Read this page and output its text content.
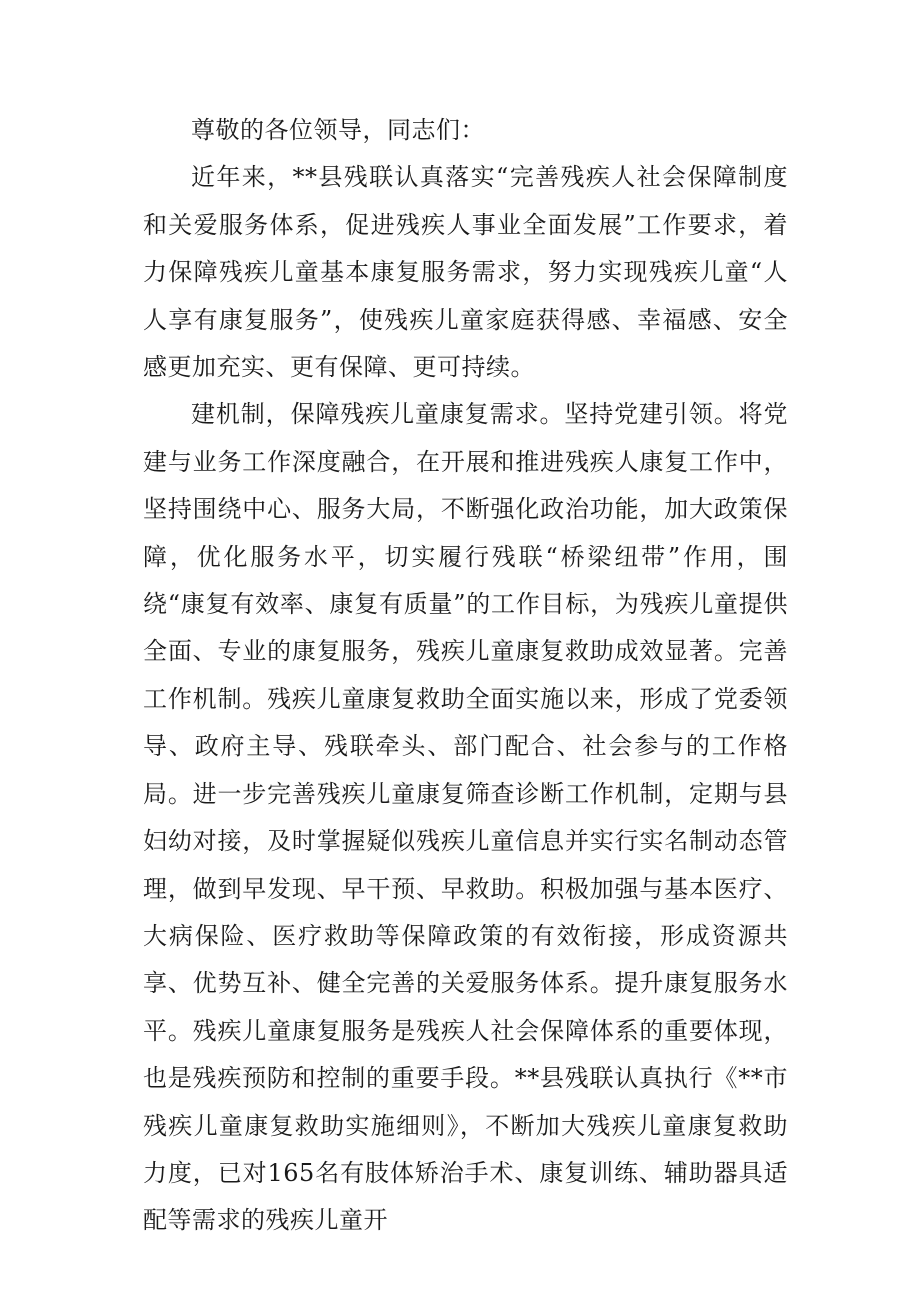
尊敬的各位领导，同志们：

近年来，**县残联认真落实“完善残疾人社会保障制度和关爱服务体系，促进残疾人事业全面发展”工作要求，着力保障残疾儿童基本康复服务需求，努力实现残疾儿童“人人享有康复服务”，使残疾儿童家庭获得感、幸福感、安全感更加充实、更有保障、更可持续。

建机制，保障残疾儿童康复需求。坚持党建引领。将党建与业务工作深度融合，在开展和推进残疾人康复工作中，坚持围绕中心、服务大局，不断强化政治功能，加大政策保障，优化服务水平，切实履行残联“桥梁纽带”作用，围绕“康复有效率、康复有质量”的工作目标，为残疾儿童提供全面、专业的康复服务，残疾儿童康复救助成效显著。完善工作机制。残疾儿童康复救助全面实施以来，形成了党委领导、政府主导、残联牵头、部门配合、社会参与的工作格局。进一步完善残疾儿童康复筛查诊断工作机制，定期与县妇幼对接，及时掌握疑似残疾儿童信息并实行实名制动态管理，做到早发现、早干预、早救助。积极加强与基本医疗、大病保险、医疗救助等保障政策的有效衔接，形成资源共享、优势互补、健全完善的关爱服务体系。提升康复服务水平。残疾儿童康复服务是残疾人社会保障体系的重要体现，也是残疾预防和控制的重要手段。**县残联认真执行《**市残疾儿童康复救助实施细则》，不断加大残疾儿童康复救助力度，已对165名有肢体矫治手术、康复训练、辅助器具适配等需求的残疾儿童开
